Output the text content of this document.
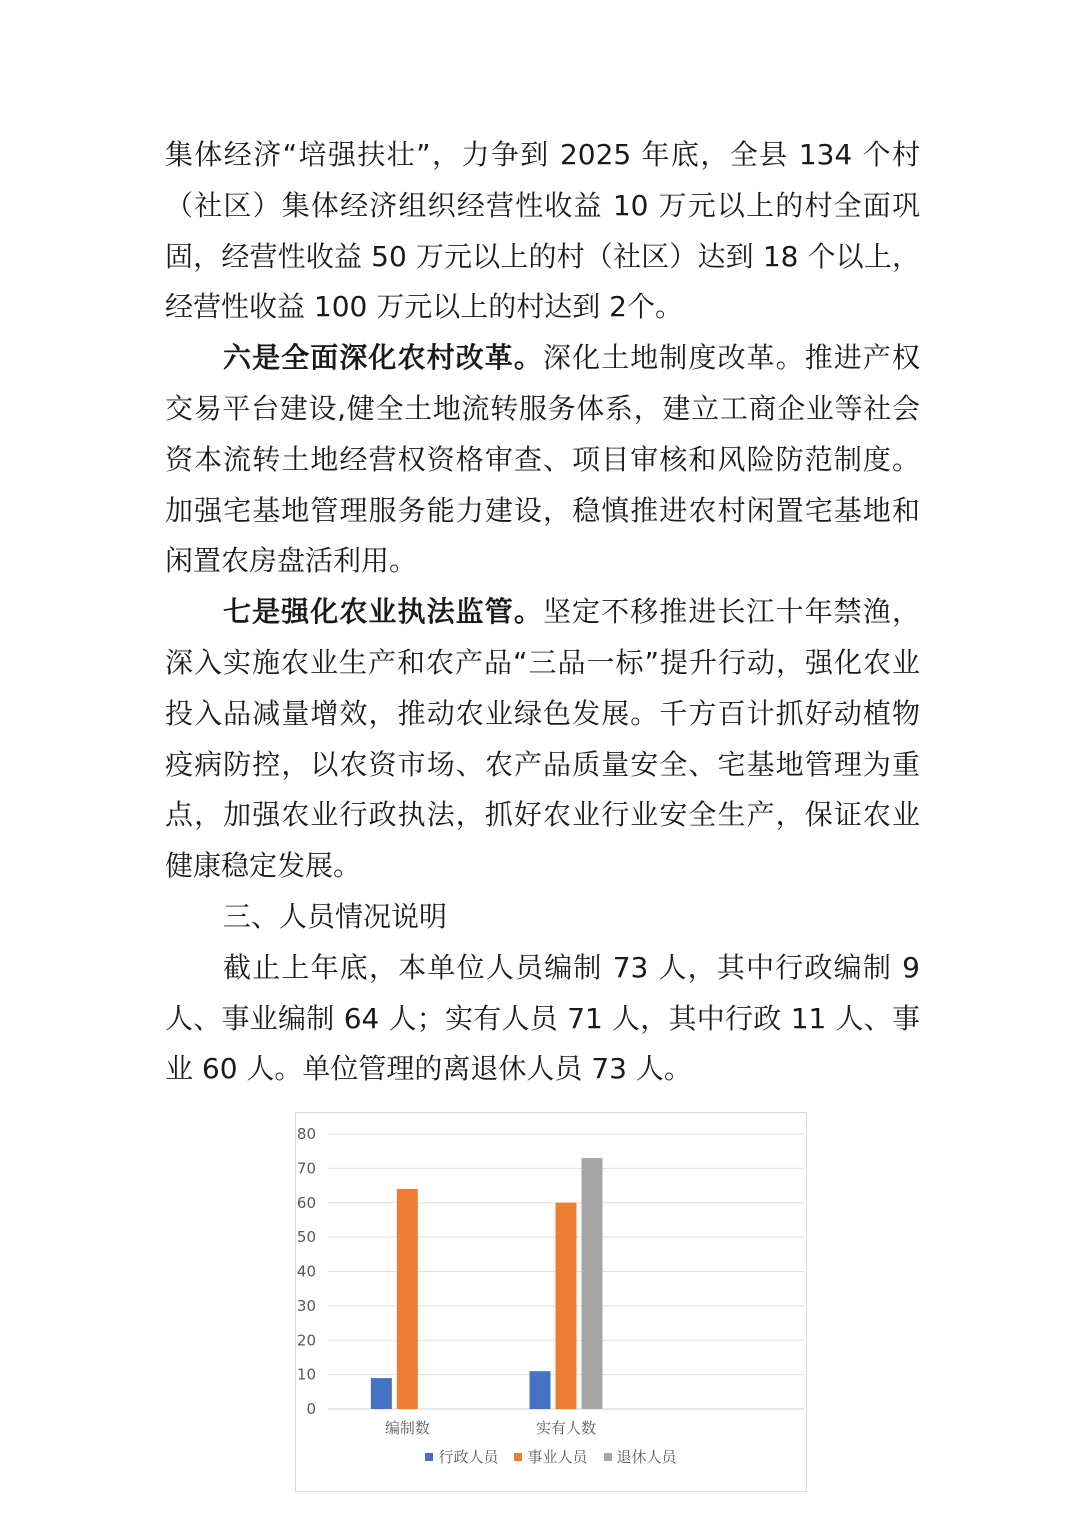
集体经济“培强扶壮”，力争到 2025 年底，全县 134 个村（社区）集体经济组织经营性收益 10 万元以上的村全面巩固，经营性收益 50 万元以上的村（社区）达到 18 个以上，经营性收益 100 万元以上的村达到 2个。

六是全面深化农村改革。深化土地制度改革。推进产权交易平台建设,健全土地流转服务体系，建立工商企业等社会资本流转土地经营权资格审查、项目审核和风险防范制度。加强宅基地管理服务能力建设，稳慎推进农村闲置宅基地和闲置农房盘活利用。

七是强化农业执法监管。坚定不移推进长江十年禁渔，深入实施农业生产和农产品“三品一标”提升行动，强化农业投入品减量增效，推动农业绿色发展。千方百计抓好动植物疫病防控，以农资市场、农产品质量安全、宅基地管理为重点，加强农业行政执法，抓好农业行业安全生产，保证农业健康稳定发展。

三、人员情况说明

截止上年底，本单位人员编制 73 人，其中行政编制 9 人、事业编制 64 人；实有人员 71 人，其中行政 11 人、事业 60 人。单位管理的离退休人员 73 人。

0
10
20
30
40
50
60
70
80
编制数	实有人数
行政人员 事业人员 退休人员
